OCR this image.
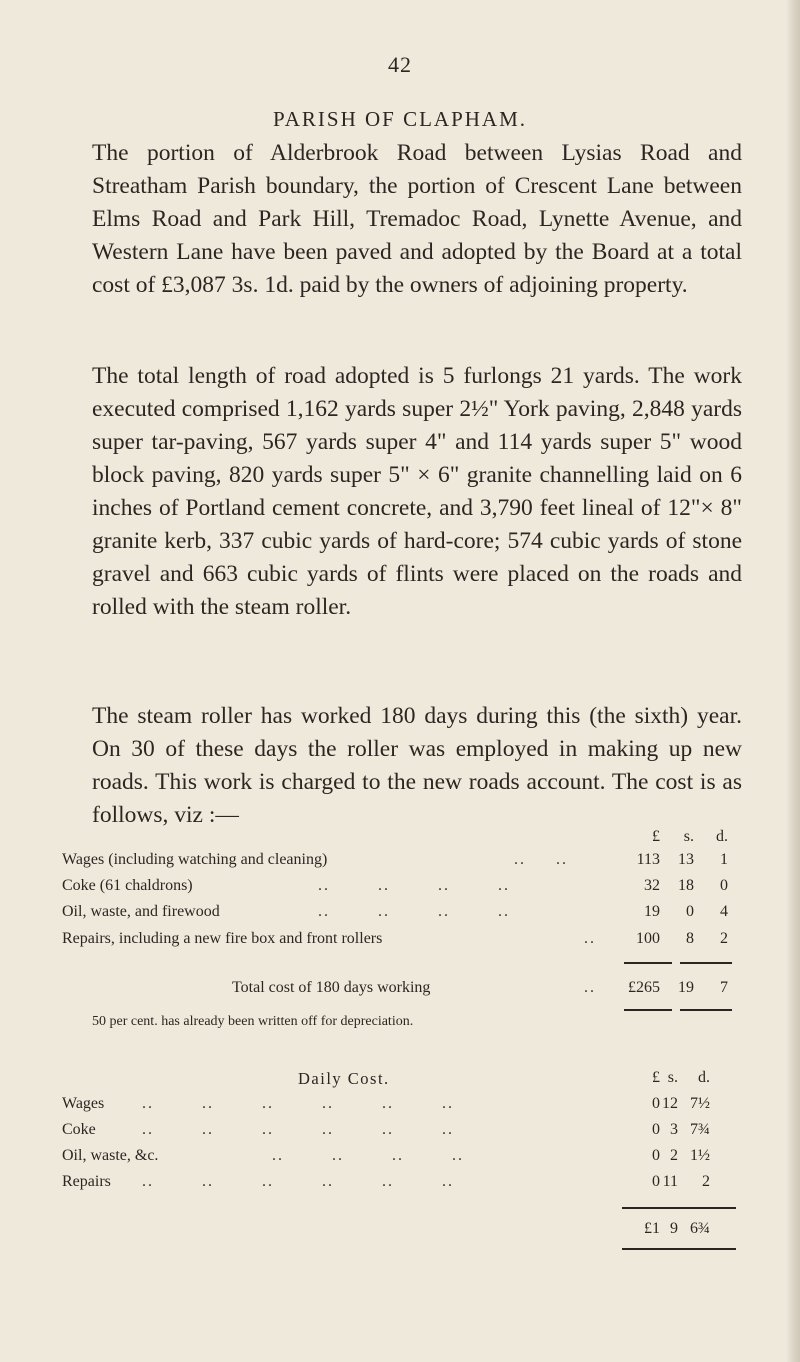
42
PARISH OF CLAPHAM.
The portion of Alderbrook Road between Lysias Road and Streatham Parish boundary, the portion of Crescent Lane between Elms Road and Park Hill, Tremadoc Road, Lynette Avenue, and Western Lane have been paved and adopted by the Board at a total cost of £3,087 3s. 1d. paid by the owners of adjoining property.
The total length of road adopted is 5 furlongs 21 yards. The work executed comprised 1,162 yards super 2½" York paving, 2,848 yards super tar-paving, 567 yards super 4" and 114 yards super 5" wood block paving, 820 yards super 5" × 6" granite channelling laid on 6 inches of Portland cement concrete, and 3,790 feet lineal of 12"× 8" granite kerb, 337 cubic yards of hard-core; 574 cubic yards of stone gravel and 663 cubic yards of flints were placed on the roads and rolled with the steam roller.
The steam roller has worked 180 days during this (the sixth) year. On 30 of these days the roller was employed in making up new roads. This work is charged to the new roads account. The cost is as follows, viz :—
£	s.	d.
Wages (including watching and cleaning)	..     ..	113	13	1
Coke (61 chaldrons)	..        ..        ..        ..	32	18	0
Oil, waste, and firewood	..        ..        ..        ..	19	0	4
Repairs, including a new fire box and front rollers	..	100	8	2
Total cost of 180 days working	..	£265	19	7
50 per cent. has already been written off for depreciation.
£ s.	d.
Wages ..        ..        ..        ..        ..        ..	0 12 7½
Coke	..        ..        ..        ..        ..        ..	0 3 7¾
Oil, waste, &c.	..        ..        ..        ..	0 2 1½
Repairs ..        ..        ..        ..        ..        ..	0 11	2
£1 9 6¾
Daily Cost.
